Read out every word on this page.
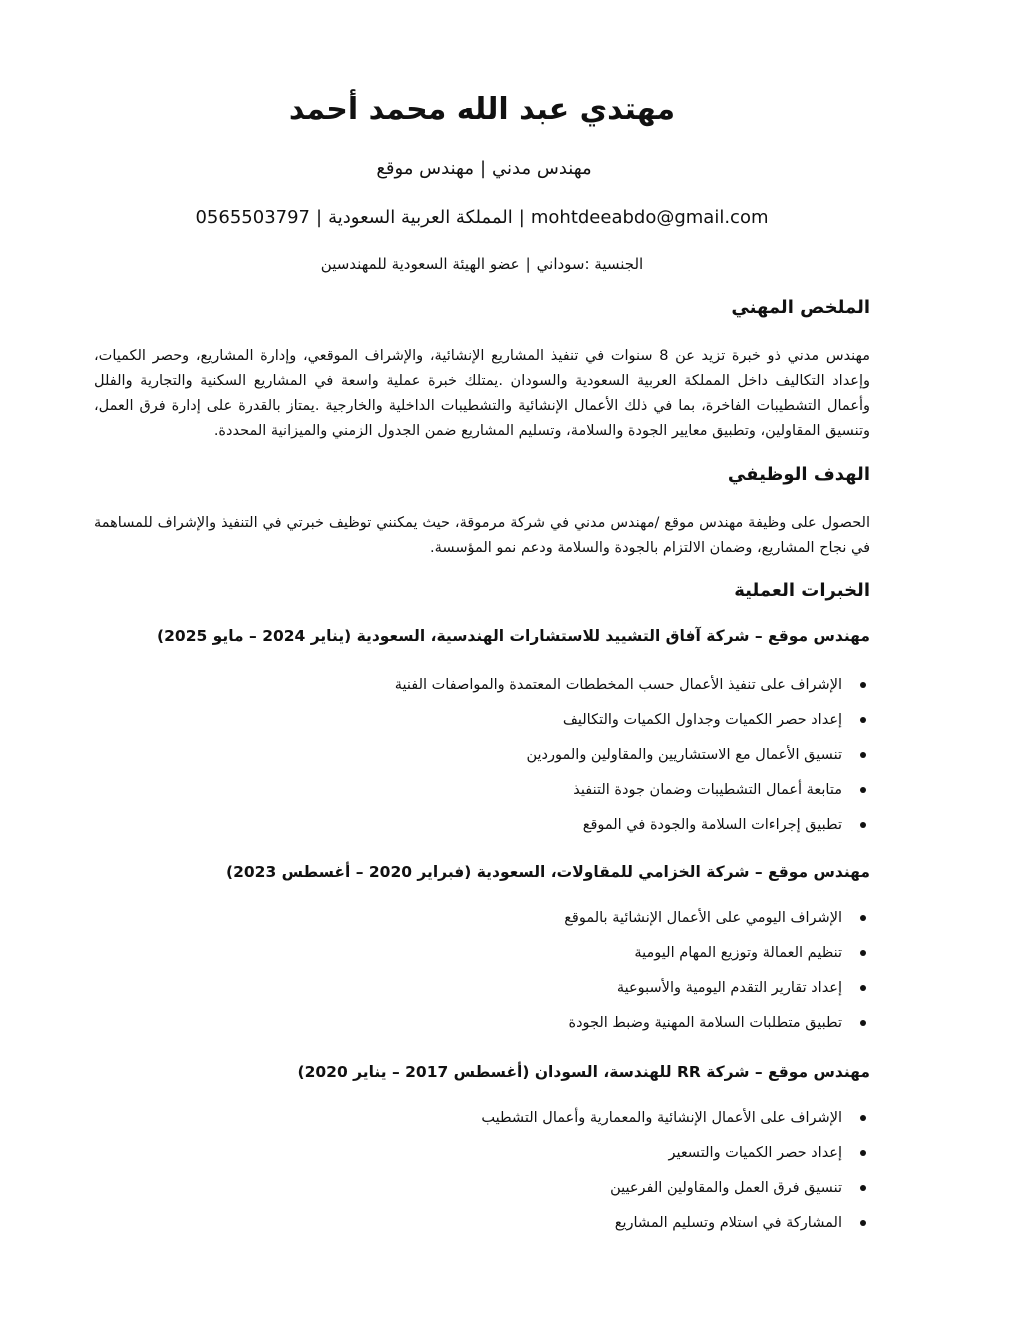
مهتدي عبد الله محمد أحمد
مهندس مدني|مهندس موقع
mohtdeeabdo@gmail.com|المملكة العربية السعودية|0565503797
الجنسية :سوداني|عضو الهيئة السعودية للمهندسين
الملخص المهني
مهندس مدني ذو خبرة تزيد عن 8 سنوات في تنفيذ المشاريع الإنشائية، والإشراف الموقعي، وإدارة المشاريع، وحصر الكميات، وإعداد التكاليف داخل المملكة العربية السعودية والسودان .يمتلك خبرة عملية واسعة في المشاريع السكنية والتجارية والفلل وأعمال التشطيبات الفاخرة، بما في ذلك الأعمال الإنشائية والتشطيبات الداخلية والخارجية .يمتاز بالقدرة على إدارة فرق العمل، وتنسيق المقاولين، وتطبيق معايير الجودة والسلامة، وتسليم المشاريع ضمن الجدول الزمني والميزانية المحددة.
الهدف الوظيفي
الحصول على وظيفة مهندس موقع /مهندس مدني في شركة مرموقة، حيث يمكنني توظيف خبرتي في التنفيذ والإشراف للمساهمة في نجاح المشاريع، وضمان الالتزام بالجودة والسلامة ودعم نمو المؤسسة.
الخبرات العملية
مهندس موقع – شركة آفاق التشييد للاستشارات الهندسية، السعودية (يناير 2024 – مايو 2025)
الإشراف على تنفيذ الأعمال حسب المخططات المعتمدة والمواصفات الفنية
إعداد حصر الكميات وجداول الكميات والتكاليف
تنسيق الأعمال مع الاستشاريين والمقاولين والموردين
متابعة أعمال التشطيبات وضمان جودة التنفيذ
تطبيق إجراءات السلامة والجودة في الموقع
مهندس موقع – شركة الخزامي للمقاولات، السعودية (فبراير 2020 – أغسطس 2023)
الإشراف اليومي على الأعمال الإنشائية بالموقع
تنظيم العمالة وتوزيع المهام اليومية
إعداد تقارير التقدم اليومية والأسبوعية
تطبيق متطلبات السلامة المهنية وضبط الجودة
مهندس موقع – شركة RR للهندسة، السودان (أغسطس 2017 – يناير 2020)
الإشراف على الأعمال الإنشائية والمعمارية وأعمال التشطيب
إعداد حصر الكميات والتسعير
تنسيق فرق العمل والمقاولين الفرعيين
المشاركة في استلام وتسليم المشاريع
